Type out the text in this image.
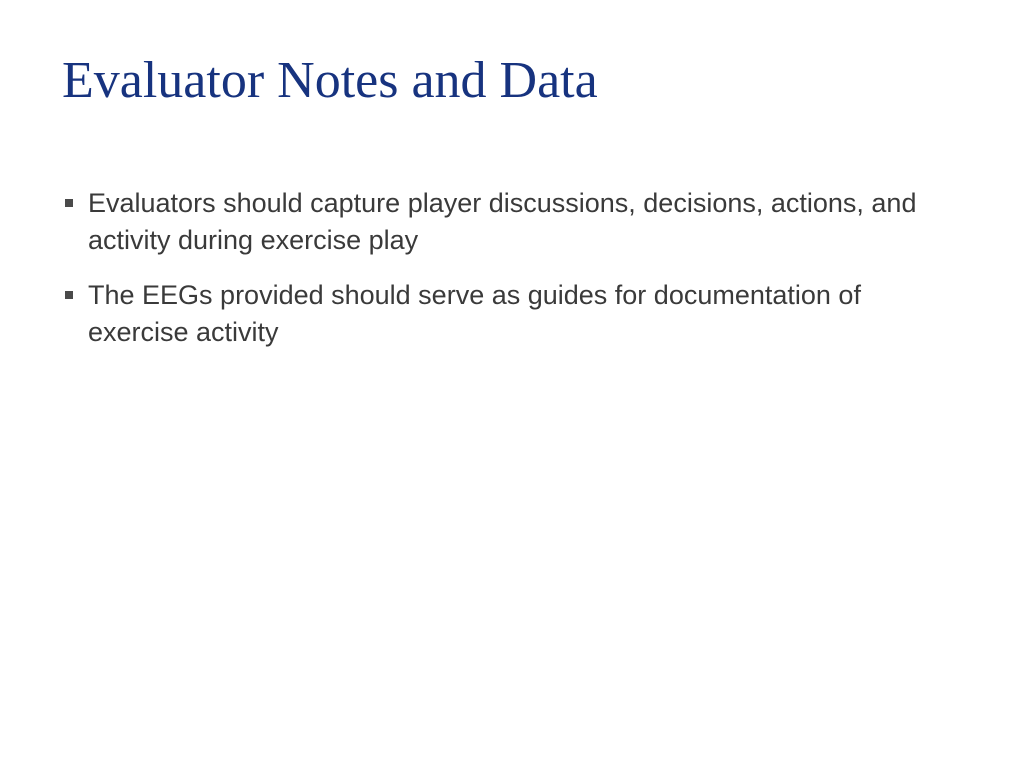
Evaluator Notes and Data
Evaluators should capture player discussions, decisions, actions, and activity during exercise play
The EEGs provided should serve as guides for documentation of exercise activity
